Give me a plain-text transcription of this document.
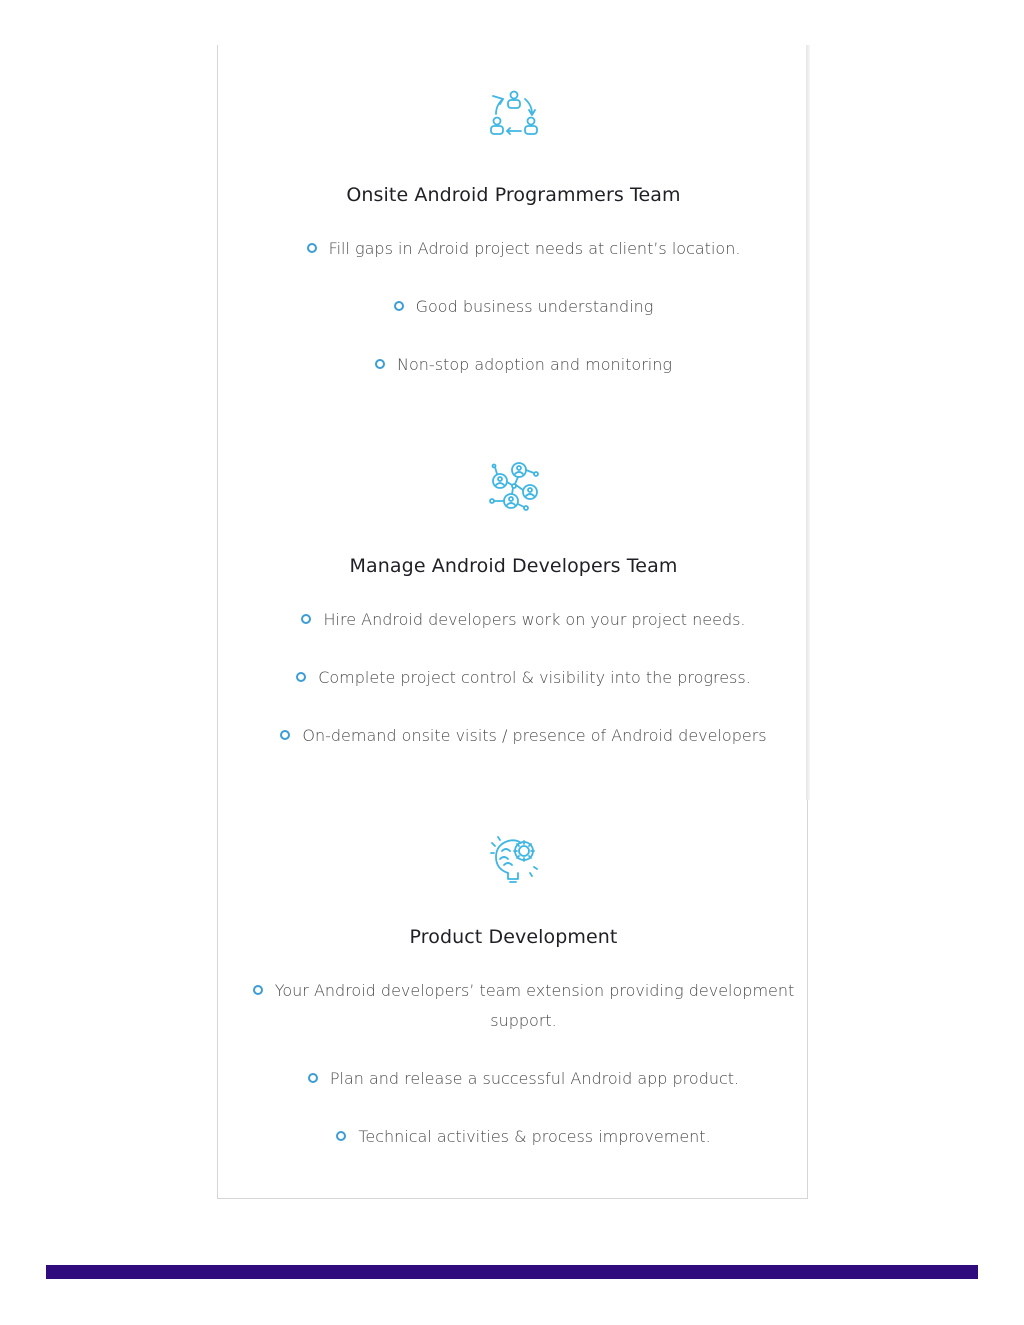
Onsite Android Programmers Team
Fill gaps in Adroid project needs at client’s location.
Good business understanding
Non-stop adoption and monitoring
Manage Android Developers Team
Hire Android developers work on your project needs.
Complete project control & visibility into the progress.
On-demand onsite visits / presence of Android developers
Product Development
Your Android developers’ team extension providing development support.
Plan and release a successful Android app product.
Technical activities & process improvement.
